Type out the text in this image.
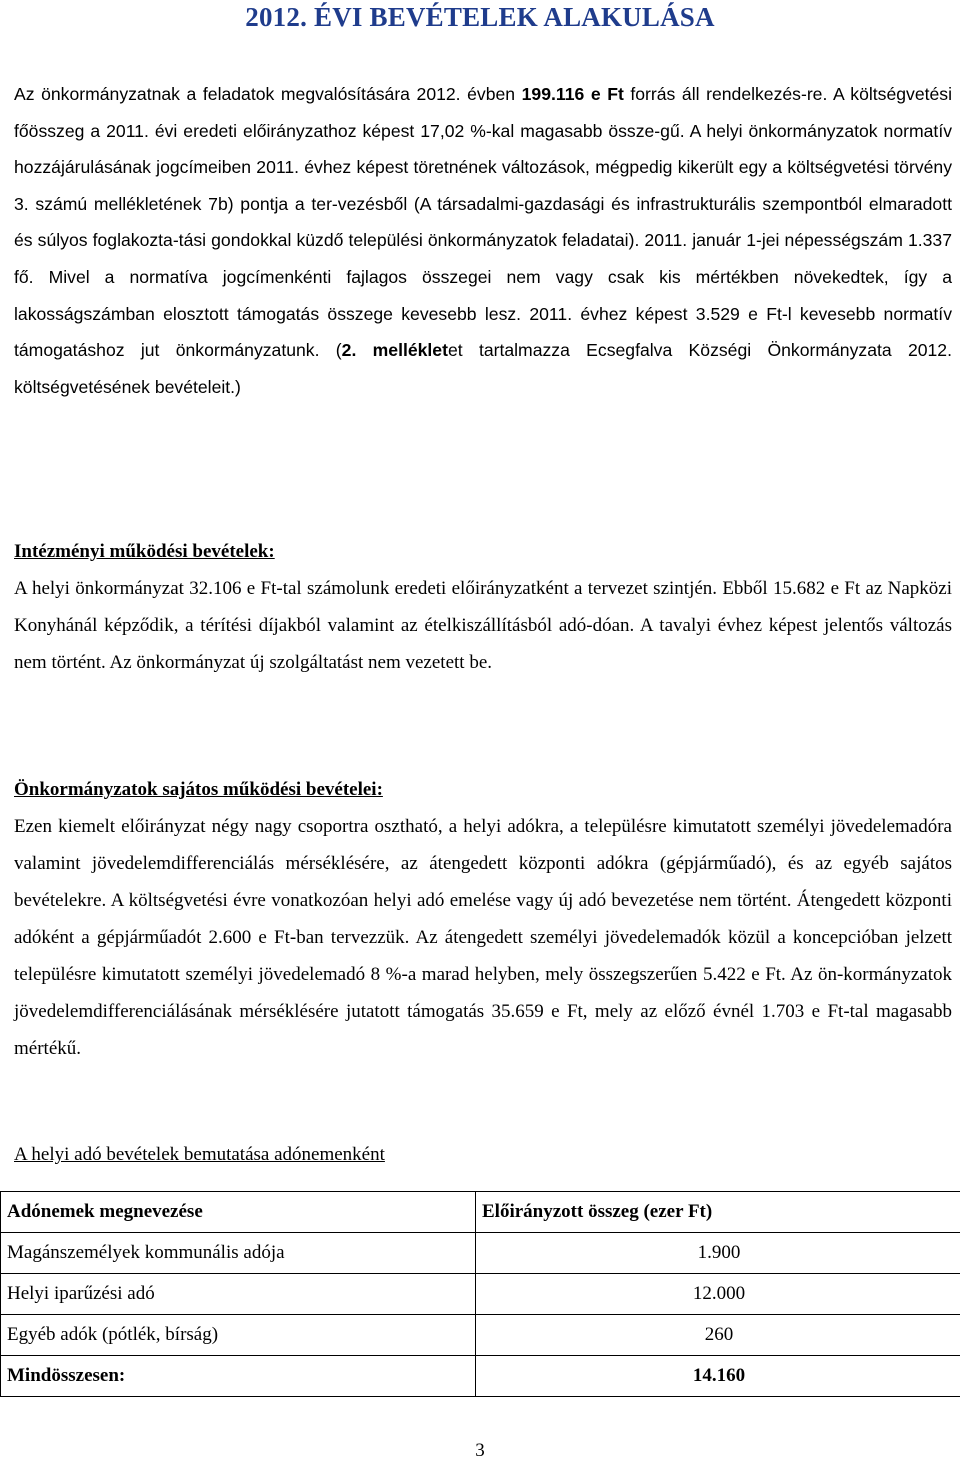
2012. ÉVI BEVÉTELEK ALAKULÁSA

Az önkormányzatnak a feladatok megvalósítására 2012. évben 199.116 e Ft forrás áll rendelkezés-re. A költségvetési főösszeg a 2011. évi eredeti előirányzathoz képest 17,02 %-kal magasabb össze-gű. A helyi önkormányzatok normatív hozzájárulásának jogcímeiben 2011. évhez képest töretnének változások, mégpedig kikerült egy a költségvetési törvény 3. számú mellékletének 7b) pontja a ter-vezésből (A társadalmi-gazdasági és infrastrukturális szempontból elmaradott és súlyos foglakozta-tási gondokkal küzdő települési önkormányzatok feladatai). 2011. január 1-jei népességszám 1.337 fő. Mivel a normatíva jogcímenkénti fajlagos összegei nem vagy csak kis mértékben növekedtek, így a lakosságszámban elosztott támogatás összege kevesebb lesz. 2011. évhez képest 3.529 e Ft-l kevesebb normatív támogatáshoz jut önkormányzatunk. (2. mellékletet tartalmazza Ecsegfalva Községi Önkormányzata 2012. költségvetésének bevételeit.)

Intézményi működési bevételek:

A helyi önkormányzat 32.106 e Ft-tal számolunk eredeti előirányzatként a tervezet szintjén. Ebből 15.682 e Ft az Napközi Konyhánál képződik, a térítési díjakból valamint az ételkiszállításból adó-dóan. A tavalyi évhez képest jelentős változás nem történt. Az önkormányzat új szolgáltatást nem vezetett be.

Önkormányzatok sajátos működési bevételei:

Ezen kiemelt előirányzat négy nagy csoportra osztható, a helyi adókra, a településre kimutatott személyi jövedelemadóra valamint jövedelemdifferenciálás mérséklésére, az átengedett központi adókra (gépjárműadó), és az egyéb sajátos bevételekre. A költségvetési évre vonatkozóan helyi adó emelése vagy új adó bevezetése nem történt. Átengedett központi adóként a gépjárműadót 2.600 e Ft-ban tervezzük. Az átengedett személyi jövedelemadók közül a koncepcióban jelzett településre kimutatott személyi jövedelemadó 8 %-a marad helyben, mely összegszerűen 5.422 e Ft. Az ön-kormányzatok jövedelemdifferenciálásának mérséklésére jutatott támogatás 35.659 e Ft, mely az előző évnél 1.703 e Ft-tal magasabb mértékű.

A helyi adó bevételek bemutatása adónemenként

Adónemek megnevezése	Előirányzott összeg (ezer Ft)
Magánszemélyek kommunális adója	1.900
Helyi iparűzési adó	12.000
Egyéb adók (pótlék, bírság)	260
Mindösszesen:	14.160
3
